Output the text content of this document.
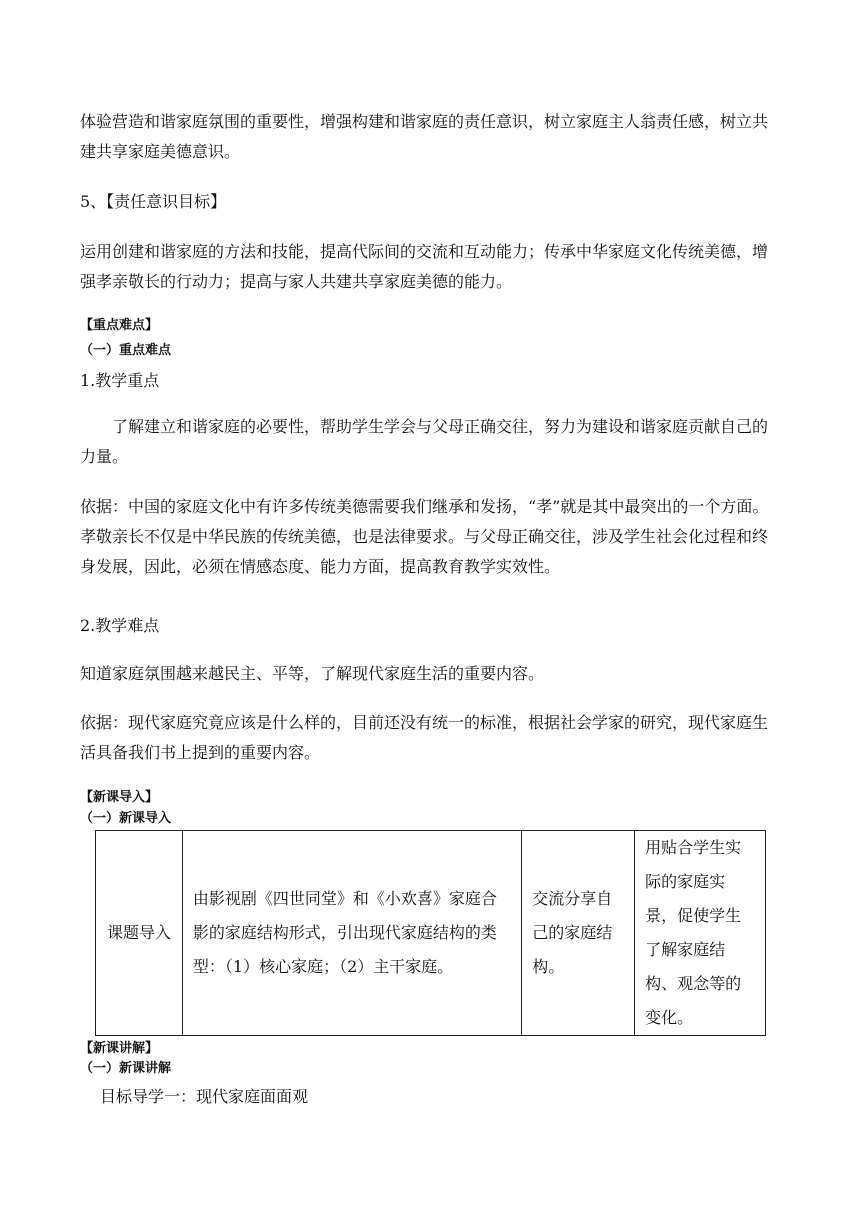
体验营造和谐家庭氛围的重要性，增强构建和谐家庭的责任意识，树立家庭主人翁责任感，树立共建共享家庭美德意识。

5、【责任意识目标】

运用创建和谐家庭的方法和技能，提高代际间的交流和互动能力；传承中华家庭文化传统美德，增强孝亲敬长的行动力；提高与家人共建共享家庭美德的能力。

【重点难点】

（一）重点难点

1.教学重点

了解建立和谐家庭的必要性，帮助学生学会与父母正确交往，努力为建设和谐家庭贡献自己的力量。

依据：中国的家庭文化中有许多传统美德需要我们继承和发扬，“孝”就是其中最突出的一个方面。孝敬亲长不仅是中华民族的传统美德，也是法律要求。与父母正确交往，涉及学生社会化过程和终身发展，因此，必须在情感态度、能力方面，提高教育教学实效性。

2.教学难点

知道家庭氛围越来越民主、平等，了解现代家庭生活的重要内容。

依据：现代家庭究竟应该是什么样的，目前还没有统一的标准，根据社会学家的研究，现代家庭生活具备我们书上提到的重要内容。

【新课导入】

（一）新课导入

课题导入	由影视剧《四世同堂》和《小欢喜》家庭合影的家庭结构形式，引出现代家庭结构的类型：（1）核心家庭；（2）主干家庭。	交流分享自己的家庭结构。	用贴合学生实际的家庭实景，促使学生了解家庭结构、观念等的变化。

【新课讲解】

（一）新课讲解

目标导学一：现代家庭面面观
